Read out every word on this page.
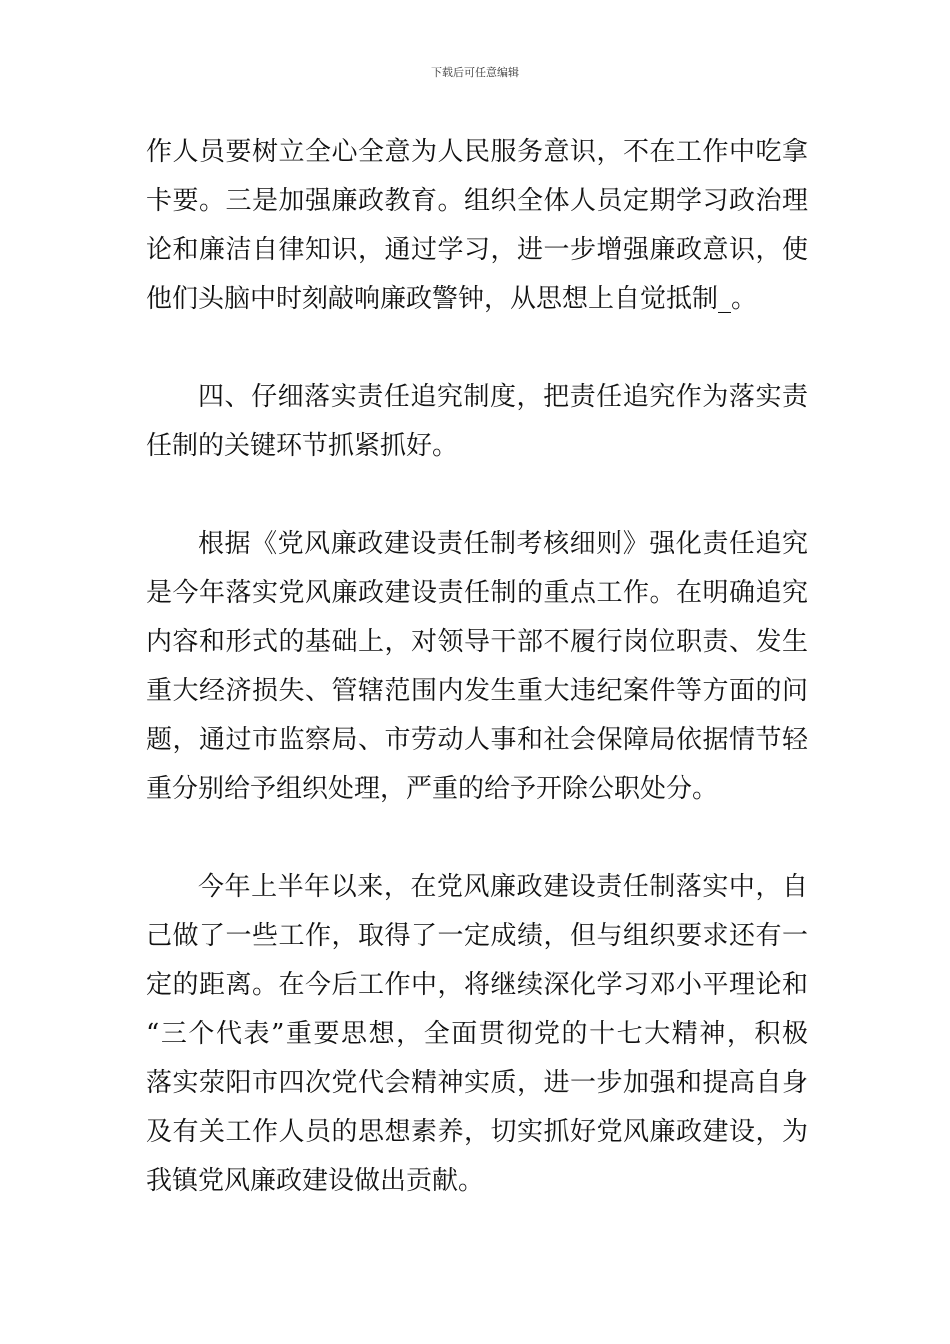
下载后可任意编辑
作人员要树立全心全意为人民服务意识，不在工作中吃拿
卡要。三是加强廉政教育。组织全体人员定期学习政治理
论和廉洁自律知识，通过学习，进一步增强廉政意识，使
他们头脑中时刻敲响廉政警钟，从思想上自觉抵制_。
四、仔细落实责任追究制度，把责任追究作为落实责
任制的关键环节抓紧抓好。
根据《党风廉政建设责任制考核细则》强化责任追究
是今年落实党风廉政建设责任制的重点工作。在明确追究
内容和形式的基础上，对领导干部不履行岗位职责、发生
重大经济损失、管辖范围内发生重大违纪案件等方面的问
题，通过市监察局、市劳动人事和社会保障局依据情节轻
重分别给予组织处理，严重的给予开除公职处分。
今年上半年以来，在党风廉政建设责任制落实中，自
己做了一些工作，取得了一定成绩，但与组织要求还有一
定的距离。在今后工作中，将继续深化学习邓小平理论和
“三个代表”重要思想，全面贯彻党的十七大精神，积极
落实荥阳市四次党代会精神实质，进一步加强和提高自身
及有关工作人员的思想素养，切实抓好党风廉政建设，为
我镇党风廉政建设做出贡献。
